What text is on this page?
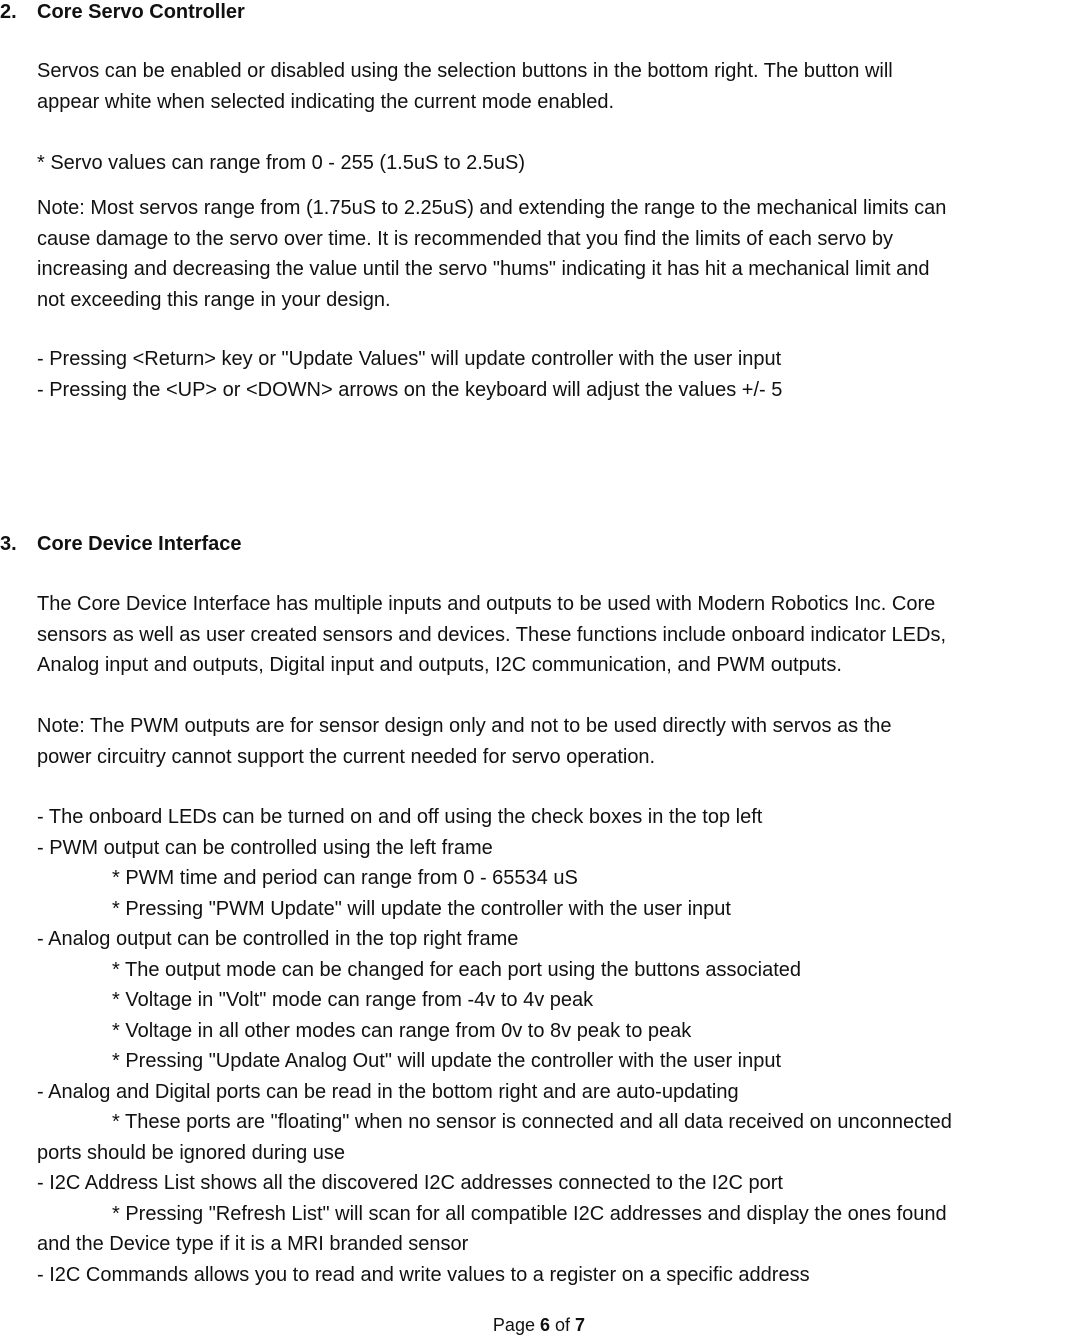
2. Core Servo Controller
Servos can be enabled or disabled using the selection buttons in the bottom right. The button will
appear white when selected indicating the current mode enabled.
* Servo values can range from 0 - 255 (1.5uS to 2.5uS)
Note: Most servos range from (1.75uS to 2.25uS) and extending the range to the mechanical limits can
cause damage to the servo over time. It is recommended that you find the limits of each servo by
increasing and decreasing the value until the servo "hums" indicating it has hit a mechanical limit and
not exceeding this range in your design.
- Pressing <Return> key or "Update Values" will update controller with the user input
- Pressing the <UP> or <DOWN> arrows on the keyboard will adjust the values +/- 5
3. Core Device Interface
The Core Device Interface has multiple inputs and outputs to be used with Modern Robotics Inc. Core
sensors as well as user created sensors and devices. These functions include onboard indicator LEDs,
Analog input and outputs, Digital input and outputs, I2C communication, and PWM outputs.
Note: The PWM outputs are for sensor design only and not to be used directly with servos as the
power circuitry cannot support the current needed for servo operation.
- The onboard LEDs can be turned on and off using the check boxes in the top left
- PWM output can be controlled using the left frame
* PWM time and period can range from 0 - 65534 uS
* Pressing "PWM Update" will update the controller with the user input
- Analog output can be controlled in the top right frame
* The output mode can be changed for each port using the buttons associated
* Voltage in "Volt" mode can range from -4v to 4v peak
* Voltage in all other modes can range from 0v to 8v peak to peak
* Pressing "Update Analog Out" will update the controller with the user input
- Analog and Digital ports can be read in the bottom right and are auto-updating
* These ports are "floating" when no sensor is connected and all data received on unconnected
ports should be ignored during use
- I2C Address List shows all the discovered I2C addresses connected to the I2C port
* Pressing "Refresh List" will scan for all compatible I2C addresses and display the ones found
and the Device type if it is a MRI branded sensor
- I2C Commands allows you to read and write values to a register on a specific address
Page 6 of 7
